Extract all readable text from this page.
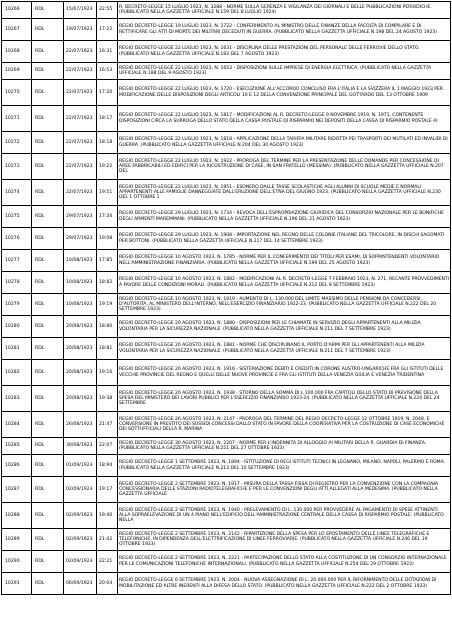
10266	RDL	15/07/1923	22:55	R. DECRETO-LEGGE 15 LUGLIO 1923, N. 3288 - NORME SULLA GERENZA E VIGILANZA DEI GIORNALI E DELLE PUBBLICAZIONI PERIODICHE. (PUBBLICATO NELLA GAZZETTA UFFICIALE N.159 DEL 8 LUGLIO 1924)
10267	RDL	19/07/1923	17:22	REGIO DECRETO-LEGGE 19 LUGLIO 1923, N. 1722 - CONFERIMENTO AL MINISTRO DELLE FINANZE DELLA FACOLTA DI COMPILARE E DI RETTIFICARE GLI ATTI DI MORTE DEI MILITARI DECEDUTI IN GUERRA. (PUBBLICATO NELLA GAZZETTA UFFICIALE N.198 DEL 24 AGOSTO 1923)
10268	RDL	22/07/1923	16:31	REGIO DECRETO-LEGGE 22 LUGLIO 1923, N. 1631 - DISCIPLINA DELLE PRESTAZIONI DEL PERSONALE DELLE FERROVIE DELLO STATO. (PUBBLICATO NELLA GAZZETTA UFFICIALE N.183 DEL 7 AGOSTO 1923)
10269	RDL	22/07/1923	16:53	REGIO DECRETO-LEGGE 22 LUGLIO 1923, N. 1653 - DISPOSIZIONI SULLE IMPRESE DI ENERGIA ELETTRICA. (PUBBLICATO NELLA GAZZETTA UFFICIALE N.188 DEL 9 AGOSTO 1923)
10270	RDL	22/07/1923	17:20	REGIO DECRETO-LEGGE 22 LUGLIO 1923, N. 1720 - ESECUZIONE ALL'ACCORDO CONCLUSO FRA L'ITALIA E LA SVIZZERA IL 1 MAGGIO 1923 PER MODIFICAZIONE DELLE DISPOSIZIONI DEGLI ARTICOLI 10 E 12 DELLA CONVENZIONE PRINCIPALE DEL GOTTARDO DEL 13 OTTOBRE 1909
10271	RDL	22/07/1923	18:17	REGIO DECRETO-LEGGE 22 LUGLIO 1923, N. 1817 - MODIFICAZIONI AL R. DECRETO-LEGGE 9 NOVEMBRE 1919, N. 1971, CONTENENTE DISPOSIZIONI CIRCA LA SURROGA DELLO STATO DELLA CASSA POSTALE DI RISPARMIO NEI DEPOSITI DELLA CASSA DI RISPARMIO POSTALE AI
10272	RDL	22/07/1923	18:18	REGIO DECRETO-LEGGE 22 LUGLIO 1923, N. 1818 - APPLICAZIONE DELLA TARIFFA MILITARE RIDOTTA PEI TRASPORTI DEI MUTILATI ED INVALIDI DI GUERRA. (PUBBLICATO NELLA GAZZETTA UFFICIALE N.204 DEL 30 AGOSTO 1923)
10273	RDL	22/07/1923	19:22	REGIO DECRETO-LEGGE 22 LUGLIO 1923, N. 1922 - PROROGA DEL TERMINE PER LA PRESENTAZIONE DELLE DOMANDE PER CONCESSIONE DI AREE FABBRICABILI ED EDIFICI PER LA RICOSTRUZIONE DI CASE, IN SAN FRATELLO (MESSINA). (PUBBLICATO NELLA GAZZETTA UFFICIALE N.207 DEL
10274	RDL	22/07/1923	19:51	REGIO DECRETO-LEGGE 22 LUGLIO 1923, N. 1951 - ESONERO DALLE TASSE SCOLASTICHE AGLI ALUNNI DI SCUOLE MEDIE E NORMALI APPARTENENTI ALLE FAMIGLIE DANNEGGIATE DALL'ERUZIONE DELL'ETNA DEL GIUGNO 1923. (PUBBLICATO NELLA GAZZETTA UFFICIALE N.230 DEL 1 OTTOBRE 1
10275	RDL	29/07/1923	17:34	REGIO DECRETO-LEGGE 29 LUGLIO 1923, N. 1734 - REVOCA DELL'ESPROPRIAZIONE GIURIDICA DEL CONSORZIO NAZIONALE PER LE BONIFICHE DEGLI ARMENTI MAREMMANI. (PUBBLICATO NELLA GAZZETTA UFFICIALE N.196 DEL 21 AGOSTO 1923)
10276	RDL	29/07/1923	19:08	REGIO DECRETO-LEGGE 29 LUGLIO 1923, N. 1908 - IMPORTAZIONE NEL REGNO DELLE COLONIE ITALIANE DEL TRICOLORE, IN DISCHI SAGOMATI PER BOTTONI. (PUBBLICATO NELLA GAZZETTA UFFICIALE N.217 DEL 14 SETTEMBRE 1923)
10277	RDL	10/08/1923	17:85	REGIO DECRETO-LEGGE 10 AGOSTO 1923, N. 1785 - NORME PER IL CONFERIMENTO DEI TITOLI PER ESAMI, DI SOPRINTENDENTI VOLONTARIO NELL'AMMINISTRAZIONE FINANZIARIA. (PUBBLICATO NELLA GAZZETTA UFFICIALE N.199 DEL 25 AGOSTO 1923)
10278	RDL	10/08/1923	18:82	REGIO DECRETO-LEGGE 10 AGOSTO 1923, N. 1882 - MODIFICAZIONI AL R. DECRETO-LEGGE 7 FEBBRAIO 1923, N. 271, RECANTE PROVVEDIMENTI A FAVORE DELLE CONDIZIONI MORALI. (PUBBLICATO NELLA GAZZETTA UFFICIALE N.212 DEL 8 SETTEMBRE 1923)
10279	RDL	10/08/1923	19:19	REGIO DECRETO-LEGGE 10 AGOSTO 1923, N. 1919 - AUMENTO DI L. 130.000 DEL LIMITE MASSIMO DELLE PENSIONI DA CONCEDERSI, D'AUTORITA, AL MINISTERO DELL'INTERNO, NELL'ESERCIZIO FINANZIARIO 1922-23. (PUBBLICATO NELLA GAZZETTA UFFICIALE N.222 DEL 20 SETTEMBRE 1923)
10280	RDL	20/08/1923	18:80	REGIO DECRETO-LEGGE 20 AGOSTO 1923, N. 1880 - DISPOSIZIONI PER LE CHIAMATE IN SERVIZIO DEGLI APPARTENENTI ALLA MILIZIA VOLONTARIA PER LA SICUREZZA NAZIONALE. (PUBBLICATO NELLA GAZZETTA UFFICIALE N.211 DEL 7 SETTEMBRE 1923)
10281	RDL	20/08/1923	18:81	REGIO DECRETO-LEGGE 20 AGOSTO 1923, N. 1881 - NORME CHE DISCIPLINANO IL PORTO D'ARMI PER GLI APPARTENENTI ALLA MILIZIA VOLONTARIA PER LA SICUREZZA NAZIONALE. (PUBBLICATO NELLA GAZZETTA UFFICIALE N.211 DEL 7 SETTEMBRE 1923)
10282	RDL	20/08/1923	19:16	REGIO DECRETO-LEGGE 20 AGOSTO 1923, N. 1916 - SISTEMAZIONE DEBITI E CREDITI IN CORONE AUSTRO-UNGARICHE FRA GLI ISTITUTI DELLE VECCHIE PROVINCIE DEL REGNO E QUELLI DELLE NUOVE PROVINCIE E FRA GLI ISTITUTI DELLA VENEZIA GIULIA E VENEZIA TRIDENTINA
10283	RDL	20/08/1923	19:38	REGIO DECRETO-LEGGE 20 AGOSTO 1923, N. 1938 - STORNO DELLA SOMMA DI L.100.000 FRA CAPITOLI DELLO STATO DI PREVISIONE DELLA SPESA DEL MINISTERO DEI LAVORI PUBBLICI PER L'ESERCIZIO FINANZIARIO 1923-24. (PUBBLICATO NELLA GAZZETTA UFFICIALE N.224 DEL 24 SETTEMBRE
10284	RDL	26/08/1923	21:47	REGIO DECRETO-LEGGE 26 AGOSTO 1923, N. 2147 - PROROGA DEL TERMINE DEL REGIO DECRETO-LEGGE 12 OTTOBRE 1919, N. 2048, E CONVERSIONE IN PRESTITO DEI SUSSIDI CONCESSI DALLO STATO IN FAVORE DELLA COOPERATIVA PER LA COSTRUZIONE DI CASE ECONOMICHE DEI SOTTUFFICIALI DELLA R. MARINA
10285	RDL	30/08/1923	22:07	REGIO DECRETO-LEGGE 30 AGOSTO 1923, N. 2207 - NORME PER L'INDENNITA DI ALLOGGIO AI MILITARI DELLA R. GUARDIA DI FINANZA. (PUBBLICATO NELLA GAZZETTA UFFICIALE N.251 DEL 27 OTTOBRE 1923)
10286	RDL	01/09/1923	18:94	REGIO DECRETO-LEGGE 1 SETTEMBRE 1923, N. 1894 - ISTITUZIONE DI REGI ISTITUTI TECNICI IN LEGNANO, MILANO, NAPOLI, PALERMO E ROMA. (PUBBLICATO NELLA GAZZETTA UFFICIALE N.213 DEL 10 SETTEMBRE 1923)
10287	RDL	02/09/1923	19:17	REGIO DECRETO-LEGGE 2 SETTEMBRE 1923, N. 1917 - MISURA DELLA TASSA FISSA DI REGISTRO PER LA CONVENZIONE CON LA COMPAGNIA CONCESSIONARIA DELLE STAZIONI RADIOTELEGRAFICHE E PER LE CONVENZIONI DEGLI ATTI ALLEGATI ALLA MEDESIMA. (PUBBLICATO NELLA GAZZETTA UFFICIALE
10288	RDL	02/09/1923	19:40	REGIO DECRETO-LEGGE 2 SETTEMBRE 1923, N. 1940 - PRELEVAMENTO DI L. 130.000 PER PROVVEDERE AL PAGAMENTO DI SPESE ATTINENTI ALLA SOPRAELEVAZIONE DI UN 4 PIANO NELL'EDIFICIO DELL'AMMINISTRAZIONE CENTRALE DELLA CASSA DI RISPARMIO POSTALE. (PUBBLICATO NELLA
10289	RDL	02/09/1923	21:42	REGIO DECRETO-LEGGE 2 SETTEMBRE 1923, N. 2142 - RIPARTIZIONE DELLA SPESA PER LO SPOSTAMENTO DELLE LINEE TELEGRAFICHE E TELEFONICHE, IN DIPENDENZA DELL'ELETTRIFICAZIONE DI LINEE FERROVIARIE. (PUBBLICATO NELLA GAZZETTA UFFICIALE N.246 DEL 19 OTTOBRE 1923)
10290	RDL	02/09/1923	22:21	REGIO DECRETO-LEGGE 2 SETTEMBRE 1923, N. 2221 - PARTECIPAZIONE DELLO STATO ALLA COSTITUZIONE DI UN CONSORZIO INTERNAZIONALE PER LE COMUNICAZIONI TELEFONICHE INTERNAZIONALI. (PUBBLICATO NELLA GAZZETTA UFFICIALE N.254 DEL 29 OTTOBRE 1923)
10291	RDL	06/09/1923	20:04	REGIO DECRETO-LEGGE 6 SETTEMBRE 1923, N. 2004 - NUOVA ASSEGNAZIONE DI L. 20.000.000 PER IL RIFORNIMENTO DELLE DOTAZIONI DI MOBILITAZIONE ED ALTRE INERENTI ALLA DIFESA DELLO STATO. (PUBBLICATO NELLA GAZZETTA UFFICIALE N.222 DEL 2 OTTOBRE 1923)
